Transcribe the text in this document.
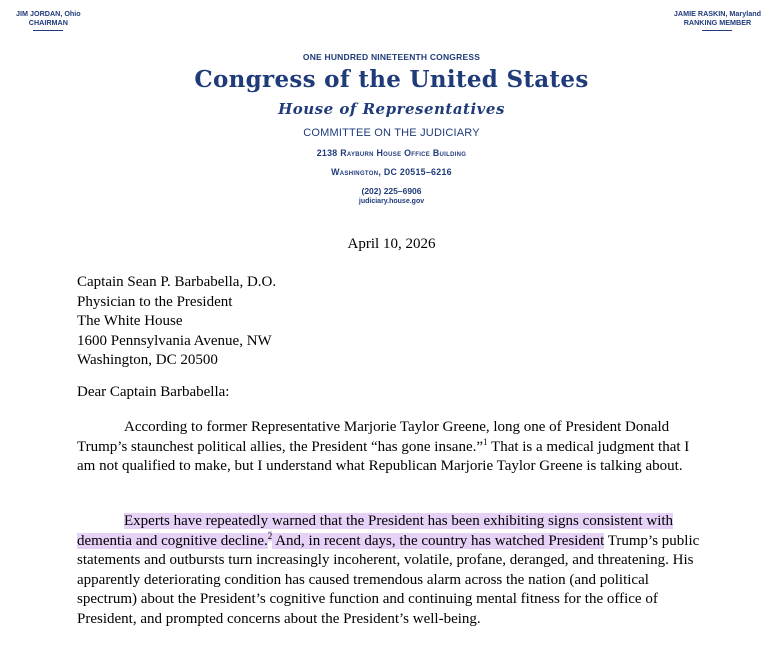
JIM JORDAN, Ohio
CHAIRMAN
JAMIE RASKIN, Maryland
RANKING MEMBER
ONE HUNDRED NINETEENTH CONGRESS
Congress of the United States
House of Representatives
COMMITTEE ON THE JUDICIARY
2138 Rayburn House Office Building
Washington, DC 20515–6216
(202) 225–6906
judiciary.house.gov
April 10, 2026
Captain Sean P. Barbabella, D.O.
Physician to the President
The White House
1600 Pennsylvania Avenue, NW
Washington, DC 20500
Dear Captain Barbabella:
According to former Representative Marjorie Taylor Greene, long one of President Donald Trump’s staunchest political allies, the President “has gone insane.”$^1$ That is a medical judgment that I am not qualified to make, but I understand what Republican Marjorie Taylor Greene is talking about.
Experts have repeatedly warned that the President has been exhibiting signs consistent with dementia and cognitive decline.$^2$ And, in recent days, the country has watched President Trump’s public statements and outbursts turn increasingly incoherent, volatile, profane, deranged, and threatening. His apparently deteriorating condition has caused tremendous alarm across the nation (and political spectrum) about the President’s cognitive function and continuing mental fitness for the office of President, and prompted concerns about the President’s well-being.
